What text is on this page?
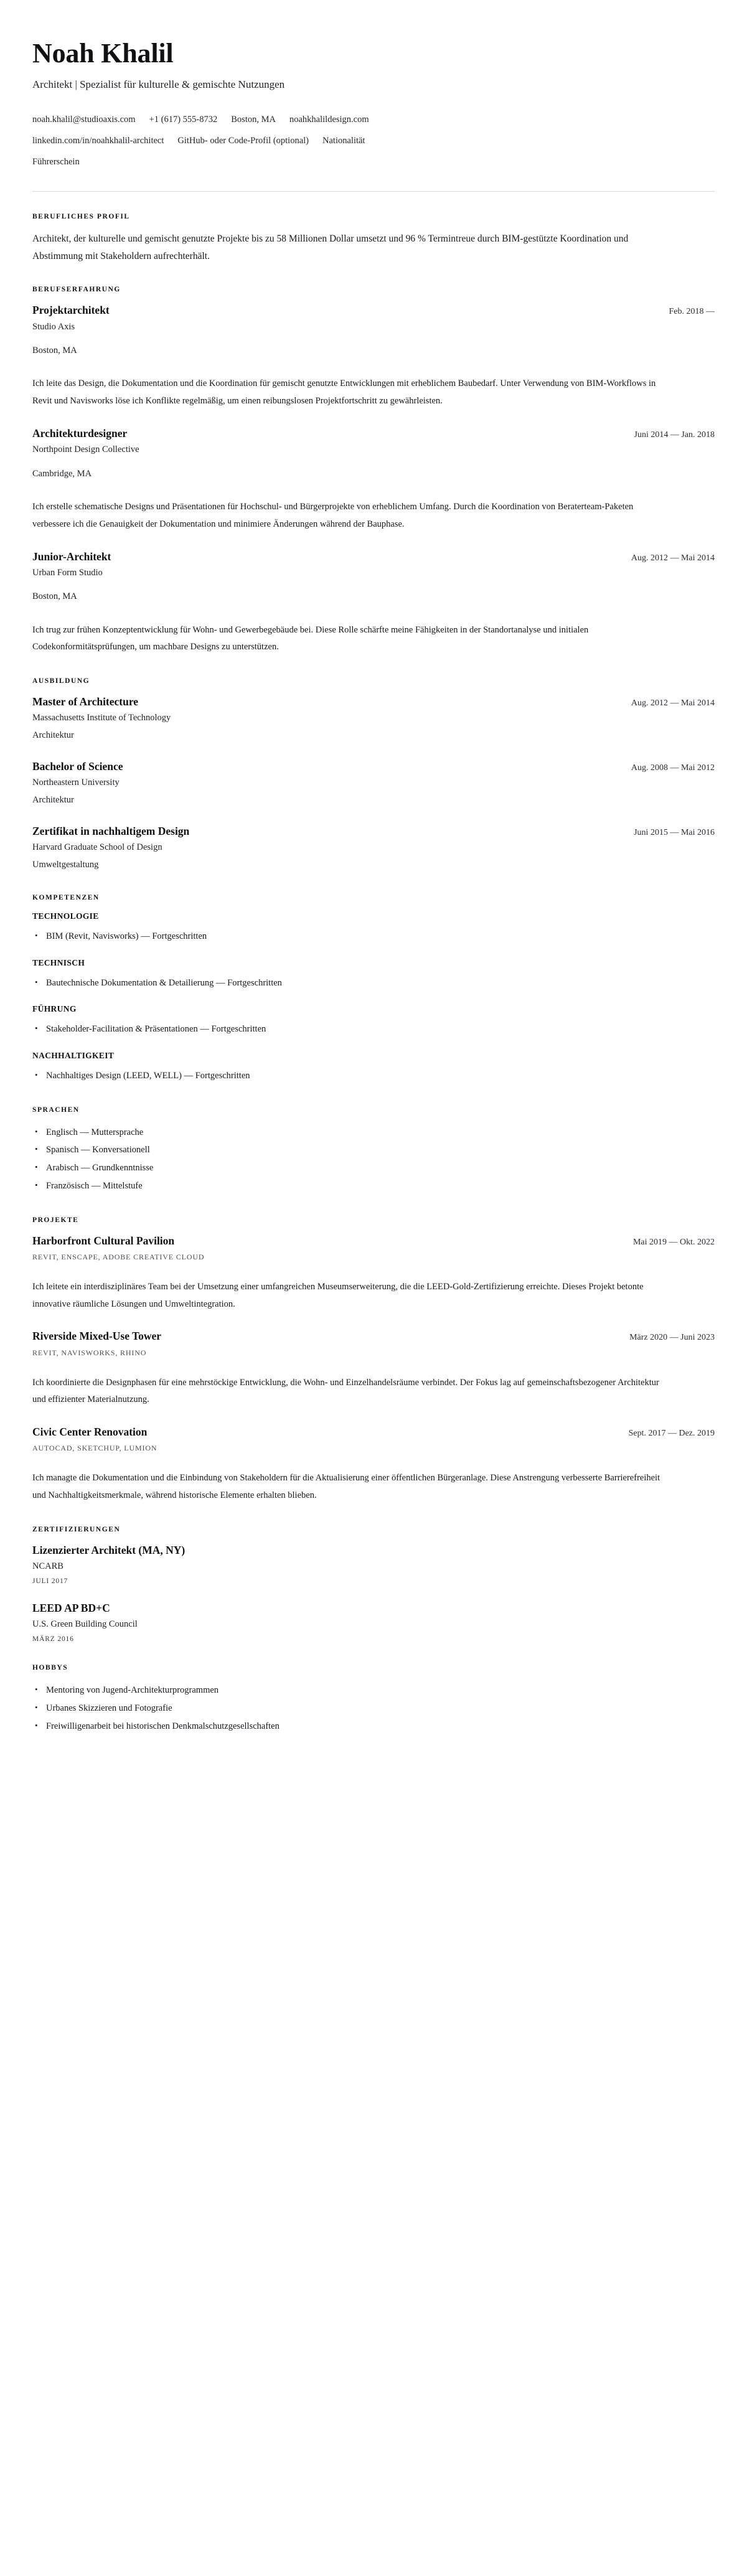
Noah Khalil
Architekt | Spezialist für kulturelle & gemischte Nutzungen
noah.khalil@studioaxis.com +1 (617) 555-8732 Boston, MA noahkhalildesign.com
linkedin.com/in/noahkhalil-architect GitHub- oder Code-Profil (optional) Nationalität
Führerschein
BERUFLICHES PROFIL

Architekt, der kulturelle und gemischt genutzte Projekte bis zu 58 Millionen Dollar umsetzt und 96 % Termintreue durch BIM-gestützte Koordination und Abstimmung mit Stakeholdern aufrechterhält.

BERUFSERFAHRUNG
Projektarchitekt	Feb. 2018 —
Studio Axis
Boston, MA

Ich leite das Design, die Dokumentation und die Koordination für gemischt genutzte Entwicklungen mit erheblichem Baubedarf. Unter Verwendung von BIM-Workflows in Revit und Navisworks löse ich Konflikte regelmäßig, um einen reibungslosen Projektfortschritt zu gewährleisten.

Architekturdesigner	Juni 2014 — Jan. 2018
Northpoint Design Collective
Cambridge, MA

Ich erstelle schematische Designs und Präsentationen für Hochschul- und Bürgerprojekte von erheblichem Umfang. Durch die Koordination von Beraterteam-Paketen verbessere ich die Genauigkeit der Dokumentation und minimiere Änderungen während der Bauphase.

Junior-Architekt	Aug. 2012 — Mai 2014
Urban Form Studio
Boston, MA

Ich trug zur frühen Konzeptentwicklung für Wohn- und Gewerbegebäude bei. Diese Rolle schärfte meine Fähigkeiten in der Standortanalyse und initialen Codekonformitätsprüfungen, um machbare Designs zu unterstützen.

AUSBILDUNG
Master of Architecture	Aug. 2012 — Mai 2014
Massachusetts Institute of Technology
Architektur
Bachelor of Science	Aug. 2008 — Mai 2012
Northeastern University
Architektur
Zertifikat in nachhaltigem Design	Juni 2015 — Mai 2016
Harvard Graduate School of Design
Umweltgestaltung
KOMPETENZEN
TECHNOLOGIE
• BIM (Revit, Navisworks) — Fortgeschritten
TECHNISCH
• Bautechnische Dokumentation & Detailierung — Fortgeschritten
FÜHRUNG
• Stakeholder-Facilitation & Präsentationen — Fortgeschritten
NACHHALTIGKEIT
• Nachhaltiges Design (LEED, WELL) — Fortgeschritten
SPRACHEN
• Englisch — Muttersprache
• Spanisch — Konversationell
• Arabisch — Grundkenntnisse
• Französisch — Mittelstufe
PROJEKTE
Harborfront Cultural Pavilion	Mai 2019 — Okt. 2022
REVIT, ENSCAPE, ADOBE CREATIVE CLOUD

Ich leitete ein interdisziplinäres Team bei der Umsetzung einer umfangreichen Museumserweiterung, die die LEED-Gold-Zertifizierung erreichte. Dieses Projekt betonte innovative räumliche Lösungen und Umweltintegration.

Riverside Mixed-Use Tower	März 2020 — Juni 2023
REVIT, NAVISWORKS, RHINO

Ich koordinierte die Designphasen für eine mehrstöckige Entwicklung, die Wohn- und Einzelhandelsräume verbindet. Der Fokus lag auf gemeinschaftsbezogener Architektur und effizienter Materialnutzung.

Civic Center Renovation	Sept. 2017 — Dez. 2019
AUTOCAD, SKETCHUP, LUMION

Ich managte die Dokumentation und die Einbindung von Stakeholdern für die Aktualisierung einer öffentlichen Bürgeranlage. Diese Anstrengung verbesserte Barrierefreiheit und Nachhaltigkeitsmerkmale, während historische Elemente erhalten blieben.

ZERTIFIZIERUNGEN
Lizenzierter Architekt (MA, NY)
NCARB
JULI 2017
LEED AP BD+C
U.S. Green Building Council
MÄRZ 2016
HOBBYS
• Mentoring von Jugend-Architekturprogrammen
• Urbanes Skizzieren und Fotografie
• Freiwilligenarbeit bei historischen Denkmalschutzgesellschaften
